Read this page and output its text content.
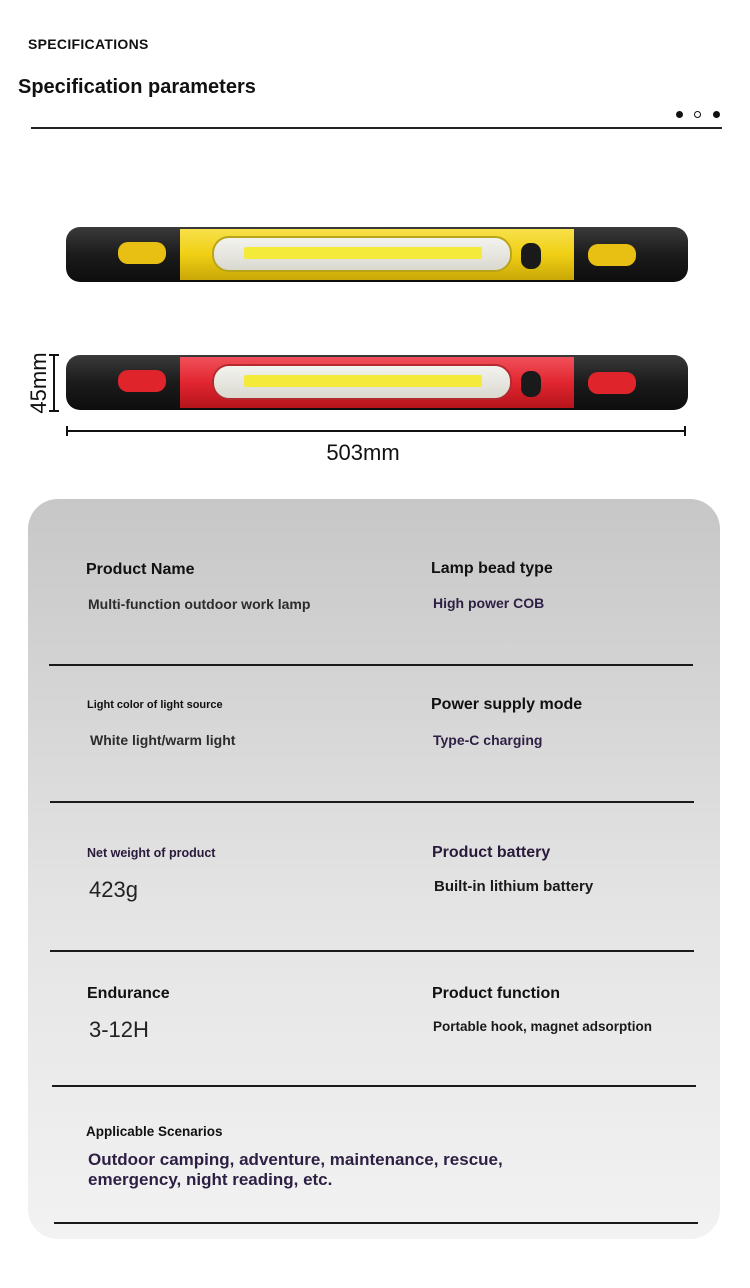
SPECIFICATIONS
Specification parameters
45mm
503mm
Product Name
Multi-function outdoor work lamp
Lamp bead type
High power COB
Light color of light source
White light/warm light
Power supply mode
Type-C charging
Net weight of product
423g
Product battery
Built-in lithium battery
Endurance
3-12H
Product function
Portable hook, magnet adsorption
Applicable Scenarios
Outdoor camping, adventure, maintenance, rescue, emergency, night reading, etc.
